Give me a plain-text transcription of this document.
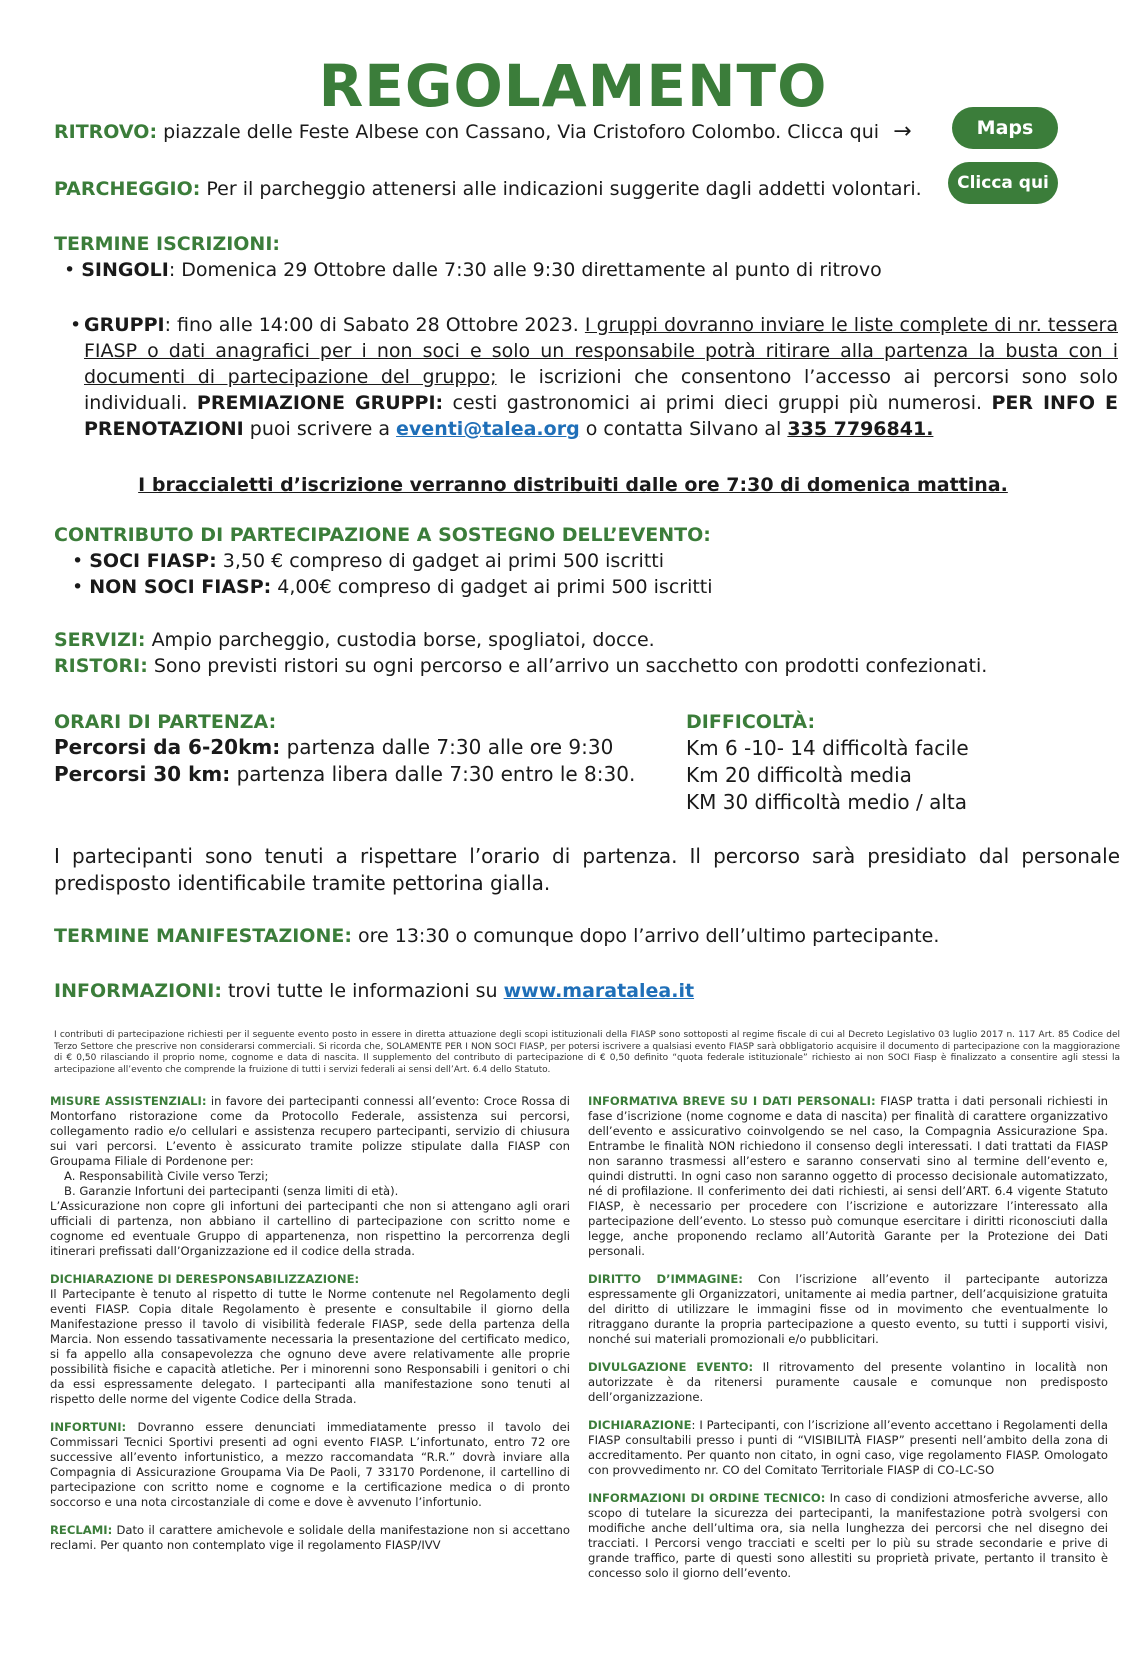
REGOLAMENTO
RITROVO: piazzale delle Feste Albese con Cassano, Via Cristoforo Colombo. Clicca qui →	Maps
PARCHEGGIO: Per il parcheggio attenersi alle indicazioni suggerite dagli addetti volontari.	Clicca qui
TERMINE ISCRIZIONI:
• SINGOLI: Domenica 29 Ottobre dalle 7:30 alle 9:30 direttamente al punto di ritrovo
• GRUPPI: fino alle 14:00 di Sabato 28 Ottobre 2023. I gruppi dovranno inviare le liste complete di nr. tessera FIASP o dati anagrafici per i non soci e solo un responsabile potrà ritirare alla partenza la busta con i documenti di partecipazione del gruppo; le iscrizioni che consentono l’accesso ai percorsi sono solo individuali. PREMIAZIONE GRUPPI: cesti gastronomici ai primi dieci gruppi più numerosi. PER INFO E PRENOTAZIONI puoi scrivere a eventi@talea.org o contatta Silvano al 335 7796841.

I braccialetti d’iscrizione verranno distribuiti dalle ore 7:30 di domenica mattina.
CONTRIBUTO DI PARTECIPAZIONE A SOSTEGNO DELL’EVENTO:
• SOCI FIASP: 3,50 € compreso di gadget ai primi 500 iscritti
• NON SOCI FIASP: 4,00€ compreso di gadget ai primi 500 iscritti
SERVIZI: Ampio parcheggio, custodia borse, spogliatoi, docce.
RISTORI: Sono previsti ristori su ogni percorso e all’arrivo un sacchetto con prodotti confezionati.
ORARI DI PARTENZA:
Percorsi da 6-20km: partenza dalle 7:30 alle ore 9:30
Percorsi 30 km: partenza libera dalle 7:30 entro le 8:30.
DIFFICOLTÀ:
Km 6 -10- 14 difficoltà facile
Km 20 difficoltà media
KM 30 difficoltà medio / alta
I partecipanti sono tenuti a rispettare l’orario di partenza. Il percorso sarà presidiato dal personale predisposto identificabile tramite pettorina gialla.
TERMINE MANIFESTAZIONE: ore 13:30 o comunque dopo l’arrivo dell’ultimo partecipante.
INFORMAZIONI: trovi tutte le informazioni su www.maratalea.it
I contributi di partecipazione richiesti per il seguente evento posto in essere in diretta attuazione degli scopi istituzionali della FIASP sono sottoposti al regime fiscale di cui al Decreto Legislativo 03 luglio 2017 n. 117 Art. 85 Codice del Terzo Settore che prescrive non considerarsi commerciali. Si ricorda che, SOLAMENTE PER I NON SOCI FIASP, per potersi iscrivere a qualsiasi evento FIASP sarà obbligatorio acquisire il documento di partecipazione con la maggiorazione di € 0,50 rilasciando il proprio nome, cognome e data di nascita. Il supplemento del contributo di partecipazione di € 0,50 definito “quota federale istituzionale” richiesto ai non SOCI Fiasp è finalizzato a consentire agli stessi la artecipazione all’evento che comprende la fruizione di tutti i servizi federali ai sensi dell’Art. 6.4 dello Statuto.
MISURE ASSISTENZIALI: in favore dei partecipanti connessi all’evento: Croce Rossa di Montorfano ristorazione come da Protocollo Federale, assistenza sui percorsi, collegamento radio e/o cellulari e assistenza recupero partecipanti, servizio di chiusura sui vari percorsi. L’evento è assicurato tramite polizze stipulate dalla FIASP con Groupama Filiale di Pordenone per:
A. Responsabilità Civile verso Terzi;
B. Garanzie Infortuni dei partecipanti (senza limiti di età).
L’Assicurazione non copre gli infortuni dei partecipanti che non si attengano agli orari ufficiali di partenza, non abbiano il cartellino di partecipazione con scritto nome e cognome ed eventuale Gruppo di appartenenza, non rispettino la percorrenza degli itinerari prefissati dall’Organizzazione ed il codice della strada.
DICHIARAZIONE DI DERESPONSABILIZZAZIONE:
Il Partecipante è tenuto al rispetto di tutte le Norme contenute nel Regolamento degli eventi FIASP. Copia ditale Regolamento è presente e consultabile il giorno della Manifestazione presso il tavolo di visibilità federale FIASP, sede della partenza della Marcia. Non essendo tassativamente necessaria la presentazione del certificato medico, si fa appello alla consapevolezza che ognuno deve avere relativamente alle proprie possibilità fisiche e capacità atletiche. Per i minorenni sono Responsabili i genitori o chi da essi espressamente delegato. I partecipanti alla manifestazione sono tenuti al rispetto delle norme del vigente Codice della Strada.
INFORTUNI: Dovranno essere denunciati immediatamente presso il tavolo dei Commissari Tecnici Sportivi presenti ad ogni evento FIASP. L’infortunato, entro 72 ore successive all’evento infortunistico, a mezzo raccomandata “R.R.” dovrà inviare alla Compagnia di Assicurazione Groupama Via De Paoli, 7 33170 Pordenone, il cartellino di partecipazione con scritto nome e cognome e la certificazione medica o di pronto soccorso e una nota circostanziale di come e dove è avvenuto l’infortunio.
RECLAMI: Dato il carattere amichevole e solidale della manifestazione non si accettano reclami. Per quanto non contemplato vige il regolamento FIASP/IVV
INFORMATIVA BREVE SU I DATI PERSONALI: FIASP tratta i dati personali richiesti in fase d’iscrizione (nome cognome e data di nascita) per finalità di carattere organizzativo dell’evento e assicurativo coinvolgendo se nel caso, la Compagnia Assicurazione Spa. Entrambe le finalità NON richiedono il consenso degli interessati. I dati trattati da FIASP non saranno trasmessi all’estero e saranno conservati sino al termine dell’evento e, quindi distrutti. In ogni caso non saranno oggetto di processo decisionale automatizzato, né di profilazione. Il conferimento dei dati richiesti, ai sensi dell’ART. 6.4 vigente Statuto FIASP, è necessario per procedere con l’iscrizione e autorizzare l’interessato alla partecipazione dell’evento. Lo stesso può comunque esercitare i diritti riconosciuti dalla legge, anche proponendo reclamo all’Autorità Garante per la Protezione dei Dati personali.
DIRITTO D’IMMAGINE: Con l’iscrizione all’evento il partecipante autorizza espressamente gli Organizzatori, unitamente ai media partner, dell’acquisizione gratuita del diritto di utilizzare le immagini fisse od in movimento che eventualmente lo ritraggano durante la propria partecipazione a questo evento, su tutti i supporti visivi, nonché sui materiali promozionali e/o pubblicitari.
DIVULGAZIONE EVENTO: Il ritrovamento del presente volantino in località non autorizzate è da ritenersi puramente causale e comunque non predisposto dell’organizzazione.
DICHIARAZIONE: I Partecipanti, con l’iscrizione all’evento accettano i Regolamenti della FIASP consultabili presso i punti di “VISIBILITÀ FIASP” presenti nell’ambito della zona di accreditamento. Per quanto non citato, in ogni caso, vige regolamento FIASP. Omologato con provvedimento nr. CO del Comitato Territoriale FIASP di CO-LC-SO
INFORMAZIONI DI ORDINE TECNICO: In caso di condizioni atmosferiche avverse, allo scopo di tutelare la sicurezza dei partecipanti, la manifestazione potrà svolgersi con modifiche anche dell’ultima ora, sia nella lunghezza dei percorsi che nel disegno dei tracciati. I Percorsi vengo tracciati e scelti per lo più su strade secondarie e prive di grande traffico, parte di questi sono allestiti su proprietà private, pertanto il transito è concesso solo il giorno dell’evento.
